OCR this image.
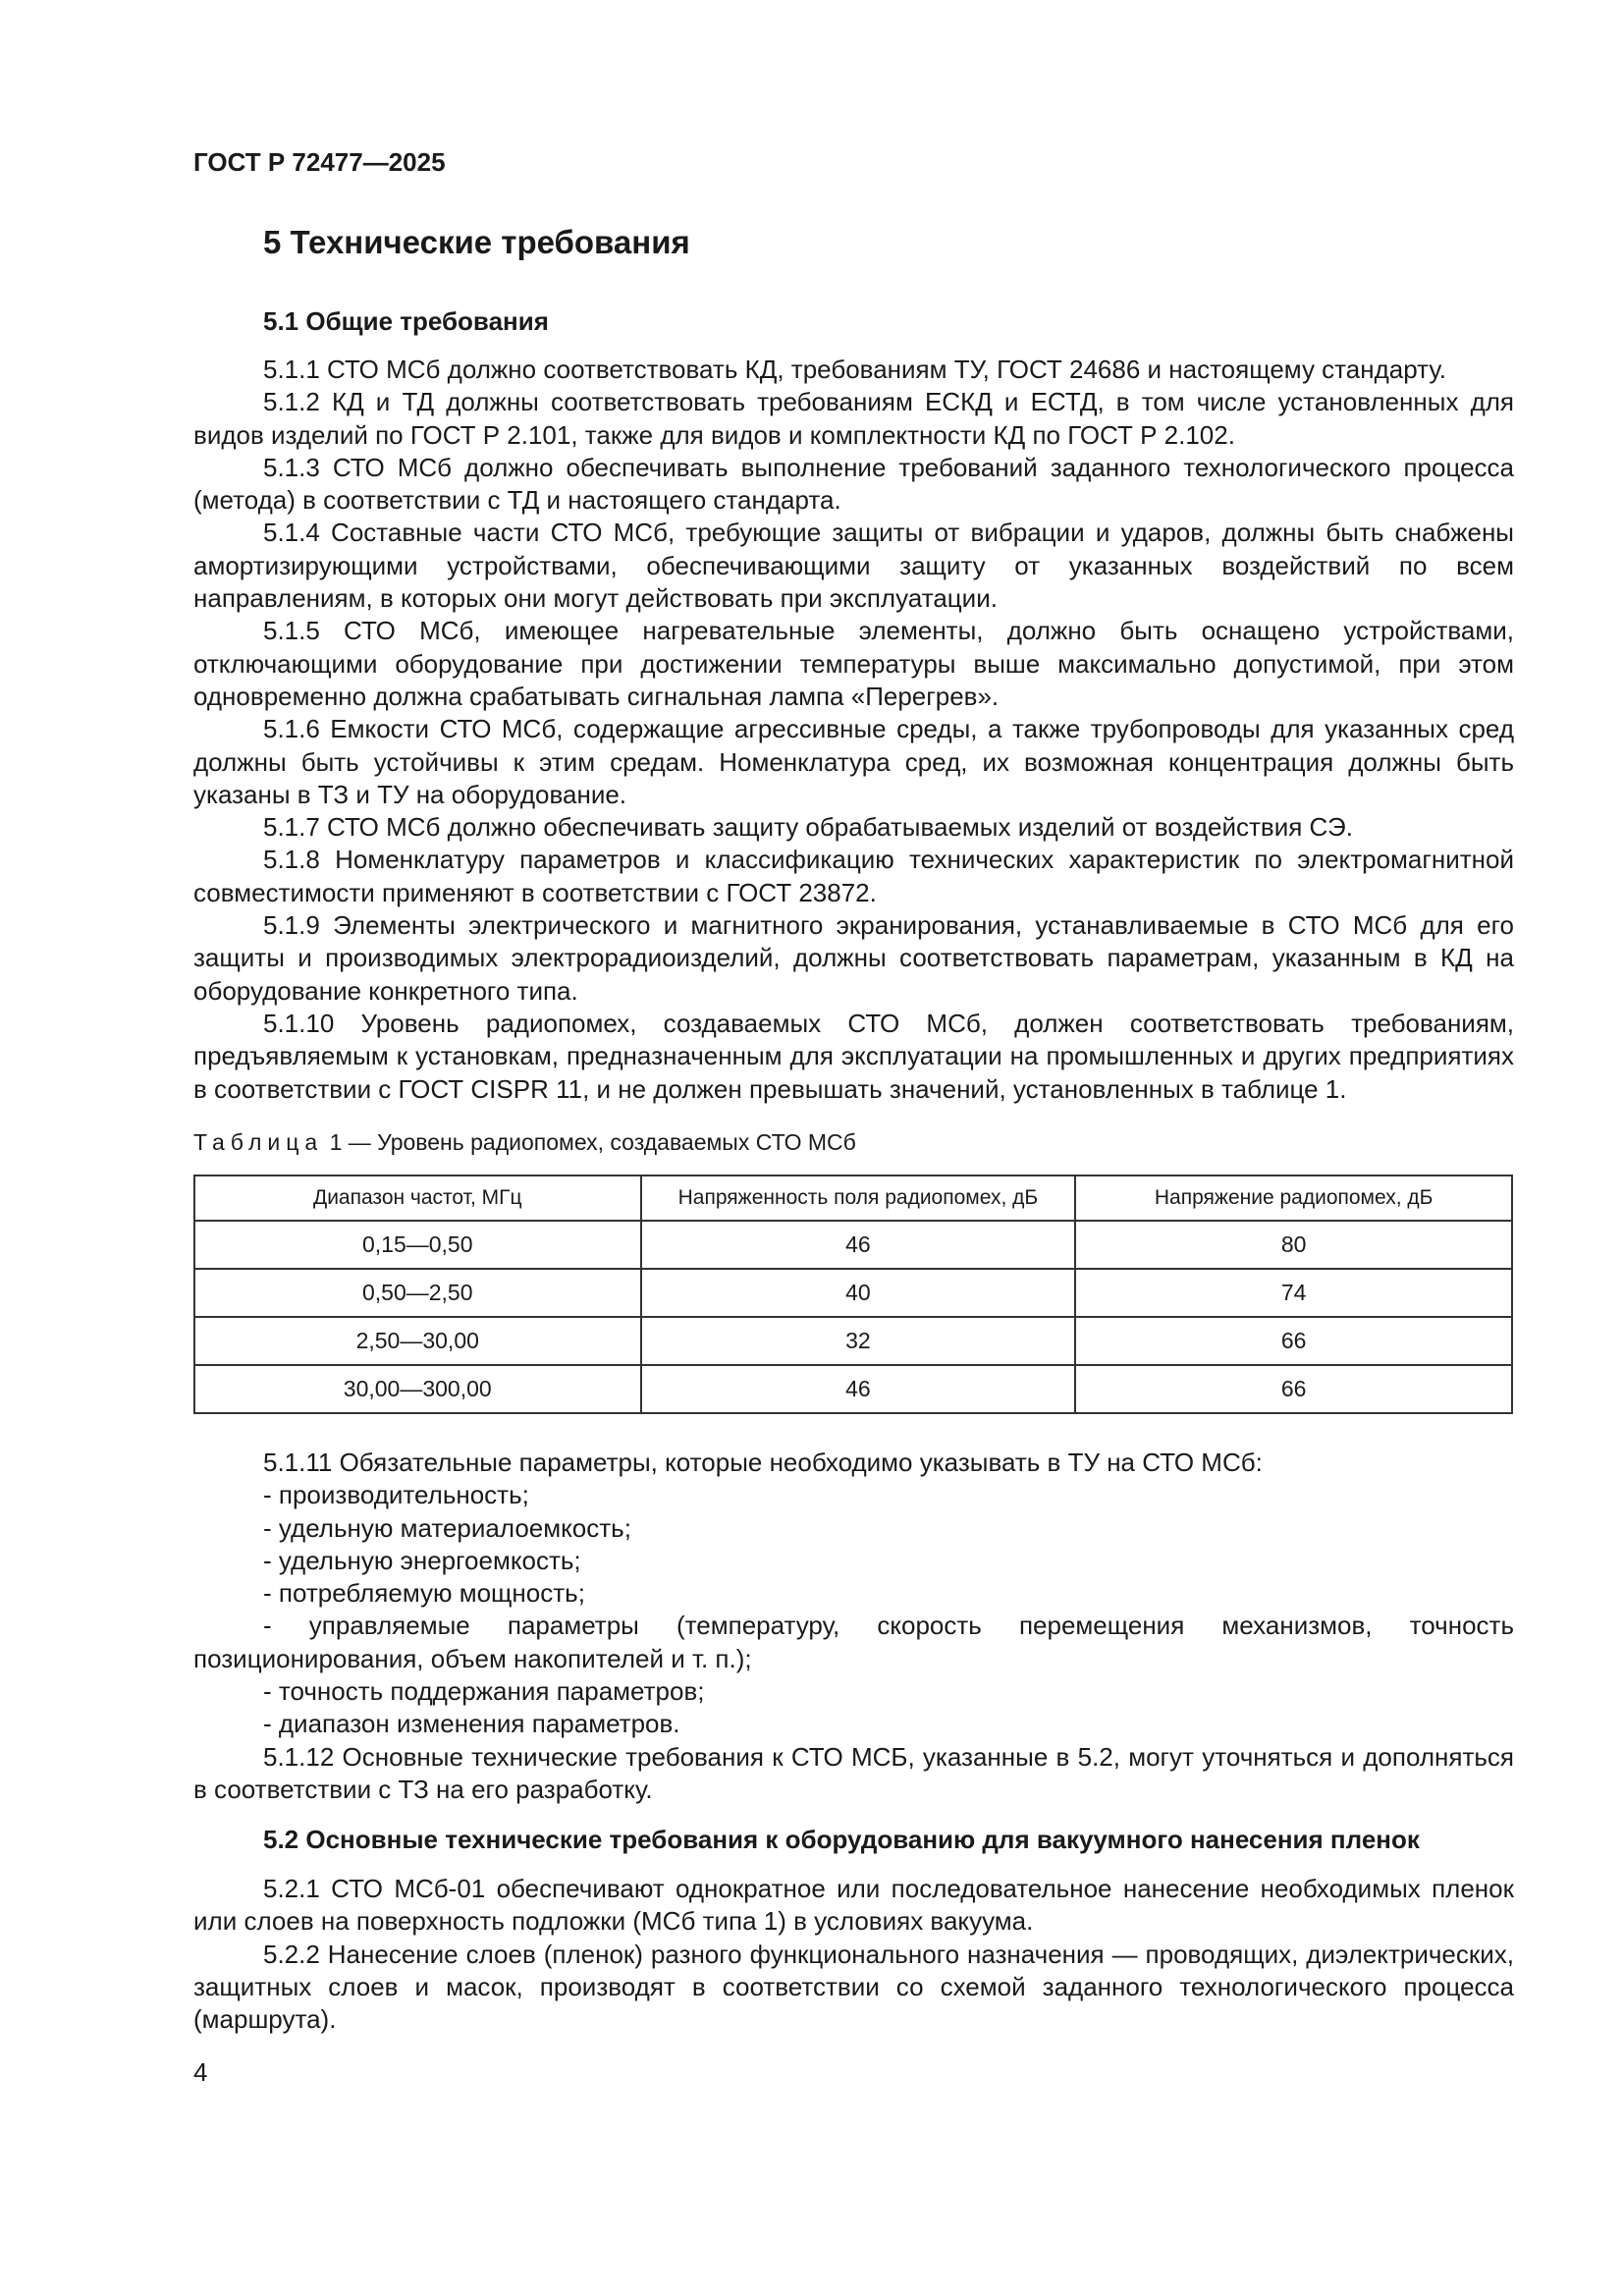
ГОСТ Р 72477—2025
5 Технические требования
5.1 Общие требования

5.1.1 СТО МСб должно соответствовать КД, требованиям ТУ, ГОСТ 24686 и настоящему стандарту.

5.1.2 КД и ТД должны соответствовать требованиям ЕСКД и ЕСТД, в том числе установленных для видов изделий по ГОСТ Р 2.101, также для видов и комплектности КД по ГОСТ Р 2.102.

5.1.3 СТО МСб должно обеспечивать выполнение требований заданного технологического процесса (метода) в соответствии с ТД и настоящего стандарта.

5.1.4 Составные части СТО МСб, требующие защиты от вибрации и ударов, должны быть снабжены амортизирующими устройствами, обеспечивающими защиту от указанных воздействий по всем направлениям, в которых они могут действовать при эксплуатации.

5.1.5 СТО МСб, имеющее нагревательные элементы, должно быть оснащено устройствами, отключающими оборудование при достижении температуры выше максимально допустимой, при этом одновременно должна срабатывать сигнальная лампа «Перегрев».

5.1.6 Емкости СТО МСб, содержащие агрессивные среды, а также трубопроводы для указанных сред должны быть устойчивы к этим средам. Номенклатура сред, их возможная концентрация должны быть указаны в ТЗ и ТУ на оборудование.

5.1.7 СТО МСб должно обеспечивать защиту обрабатываемых изделий от воздействия СЭ.

5.1.8 Номенклатуру параметров и классификацию технических характеристик по электромагнитной совместимости применяют в соответствии с ГОСТ 23872.

5.1.9 Элементы электрического и магнитного экранирования, устанавливаемые в СТО МСб для его защиты и производимых электрорадиоизделий, должны соответствовать параметрам, указанным в КД на оборудование конкретного типа.

5.1.10 Уровень радиопомех, создаваемых СТО МСб, должен соответствовать требованиям, предъявляемым к установкам, предназначенным для эксплуатации на промышленных и других предприятиях в соответствии с ГОСТ CISPR 11, и не должен превышать значений, установленных в таблице 1.

Таблица 1 — Уровень радиопомех, создаваемых СТО МСб
Диапазон частот, МГц	Напряженность поля радиопомех, дБ	Напряжение радиопомех, дБ
0,15—0,50	46	80
0,50—2,50	40	74
2,50—30,00	32	66
30,00—300,00	46	66

5.1.11 Обязательные параметры, которые необходимо указывать в ТУ на СТО МСб:

- производительность;

- удельную материалоемкость;

- удельную энергоемкость;

- потребляемую мощность;

- управляемые параметры (температуру, скорость перемещения механизмов, точность позиционирования, объем накопителей и т. п.);

- точность поддержания параметров;

- диапазон изменения параметров.

5.1.12 Основные технические требования к СТО МСБ, указанные в 5.2, могут уточняться и дополняться в соответствии с ТЗ на его разработку.

5.2 Основные технические требования к оборудованию для вакуумного нанесения пленок

5.2.1 СТО МСб-01 обеспечивают однократное или последовательное нанесение необходимых пленок или слоев на поверхность подложки (МСб типа 1) в условиях вакуума.

5.2.2 Нанесение слоев (пленок) разного функционального назначения — проводящих, диэлектрических, защитных слоев и масок, производят в соответствии со схемой заданного технологического процесса (маршрута).

4
